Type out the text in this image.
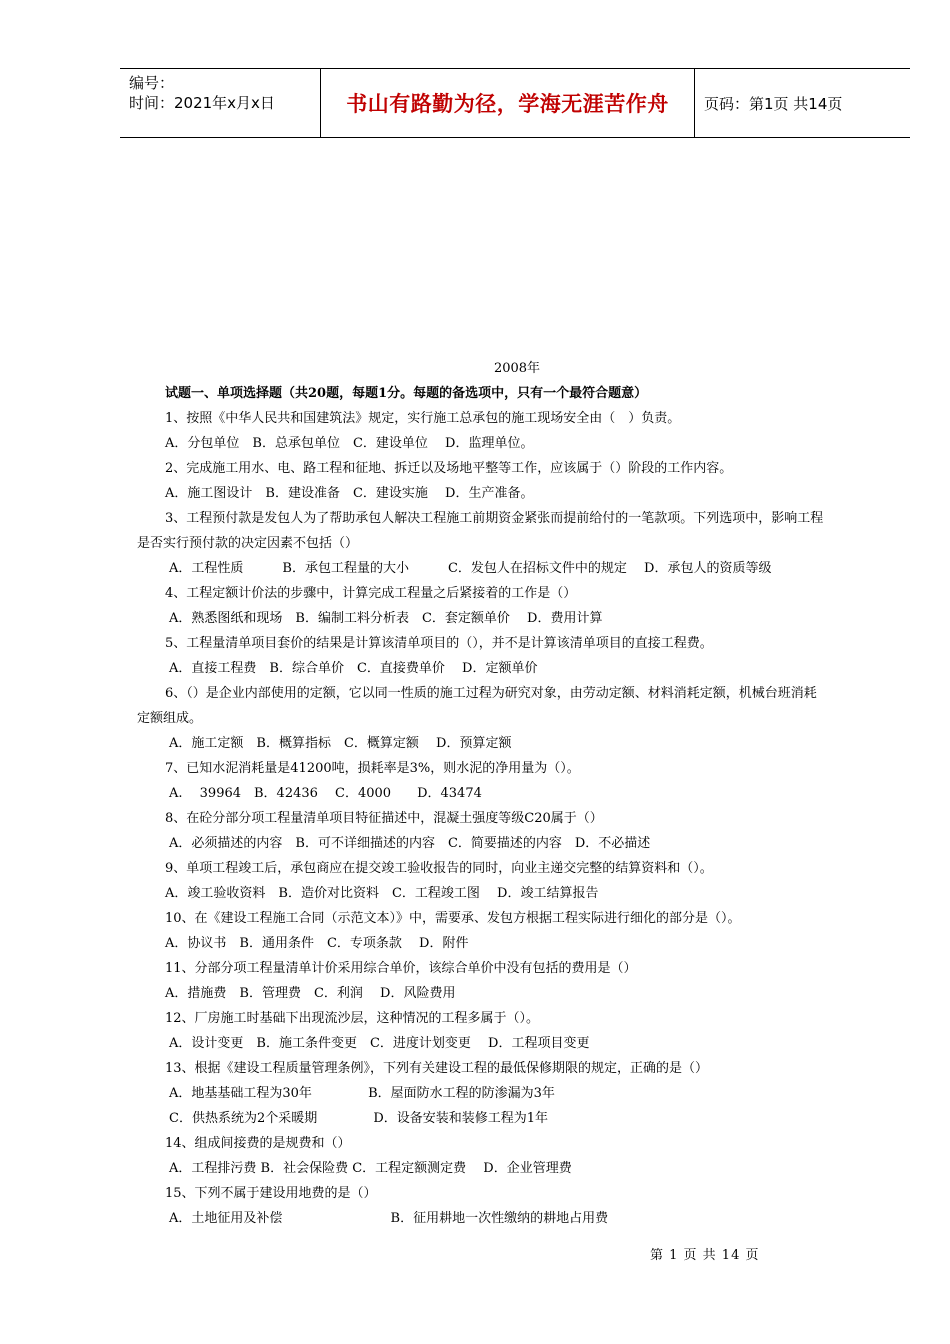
编号：
时间：2021年x月x日	书山有路勤为径，学海无涯苦作舟 页码：第1页 共14页
2008年
试题一、单项选择题（共20题，每题1分。每题的备选项中，只有一个最符合题意）
1、按照《中华人民共和国建筑法》规定，实行施工总承包的施工现场安全由（　）负责。
A．分包单位　B．总承包单位　C．建设单位　 D．监理单位。
2、完成施工用水、电、路工程和征地、拆迁以及场地平整等工作，应该属于（）阶段的工作内容。
A．施工图设计　B．建设准备　C．建设实施　 D．生产准备。
3、工程预付款是发包人为了帮助承包人解决工程施工前期资金紧张而提前给付的一笔款项。下列选项中，影响工程
是否实行预付款的决定因素不包括（）
A．工程性质　　　B．承包工程量的大小　　　C．发包人在招标文件中的规定　 D．承包人的资质等级
4、工程定额计价法的步骤中，计算完成工程量之后紧接着的工作是（）
A．熟悉图纸和现场　B．编制工料分析表　C．套定额单价　 D．费用计算
5、工程量清单项目套价的结果是计算该清单项目的（），并不是计算该清单项目的直接工程费。
A．直接工程费　B．综合单价　C．直接费单价　 D．定额单价
6、（）是企业内部使用的定额，它以同一性质的施工过程为研究对象，由劳动定额、材料消耗定额，机械台班消耗
定额组成。
A．施工定额　B．概算指标　C．概算定额　 D．预算定额
7、已知水泥消耗量是41200吨，损耗率是3%，则水泥的净用量为（）。
A.　 39964　B．42436　 C．4000　　D．43474
8、在砼分部分项工程量清单项目特征描述中，混凝土强度等级C20属于（）
A．必须描述的内容　B．可不详细描述的内容　C．简要描述的内容　D．不必描述
9、单项工程竣工后，承包商应在提交竣工验收报告的同时，向业主递交完整的结算资料和（）。
A．竣工验收资料　B．造价对比资料　C．工程竣工图　 D．竣工结算报告
10、在《建设工程施工合同（示范文本）》中，需要承、发包方根据工程实际进行细化的部分是（）。
A．协议书　B．通用条件　C．专项条款　 D．附件
11、分部分项工程量清单计价采用综合单价，该综合单价中没有包括的费用是（）
A．措施费　B．管理费　C．利润　 D．风险费用
12、厂房施工时基础下出现流沙层，这种情况的工程多属于（）。
A．设计变更　B．施工条件变更　C．进度计划变更　 D．工程项目变更
13、根据《建设工程质量管理条例》，下列有关建设工程的最低保修期限的规定，正确的是（）
A．地基基础工程为30年　　　　 B．屋面防水工程的防渗漏为3年
C．供热系统为2个采暖期　　　　 D．设备安装和装修工程为1年
14、组成间接费的是规费和（）
A．工程排污费 B．社会保险费 C．工程定额测定费　 D．企业管理费
15、下列不属于建设用地费的是（）
A．土地征用及补偿　　　　　　　　 B．征用耕地一次性缴纳的耕地占用费
第 1 页 共 14 页
